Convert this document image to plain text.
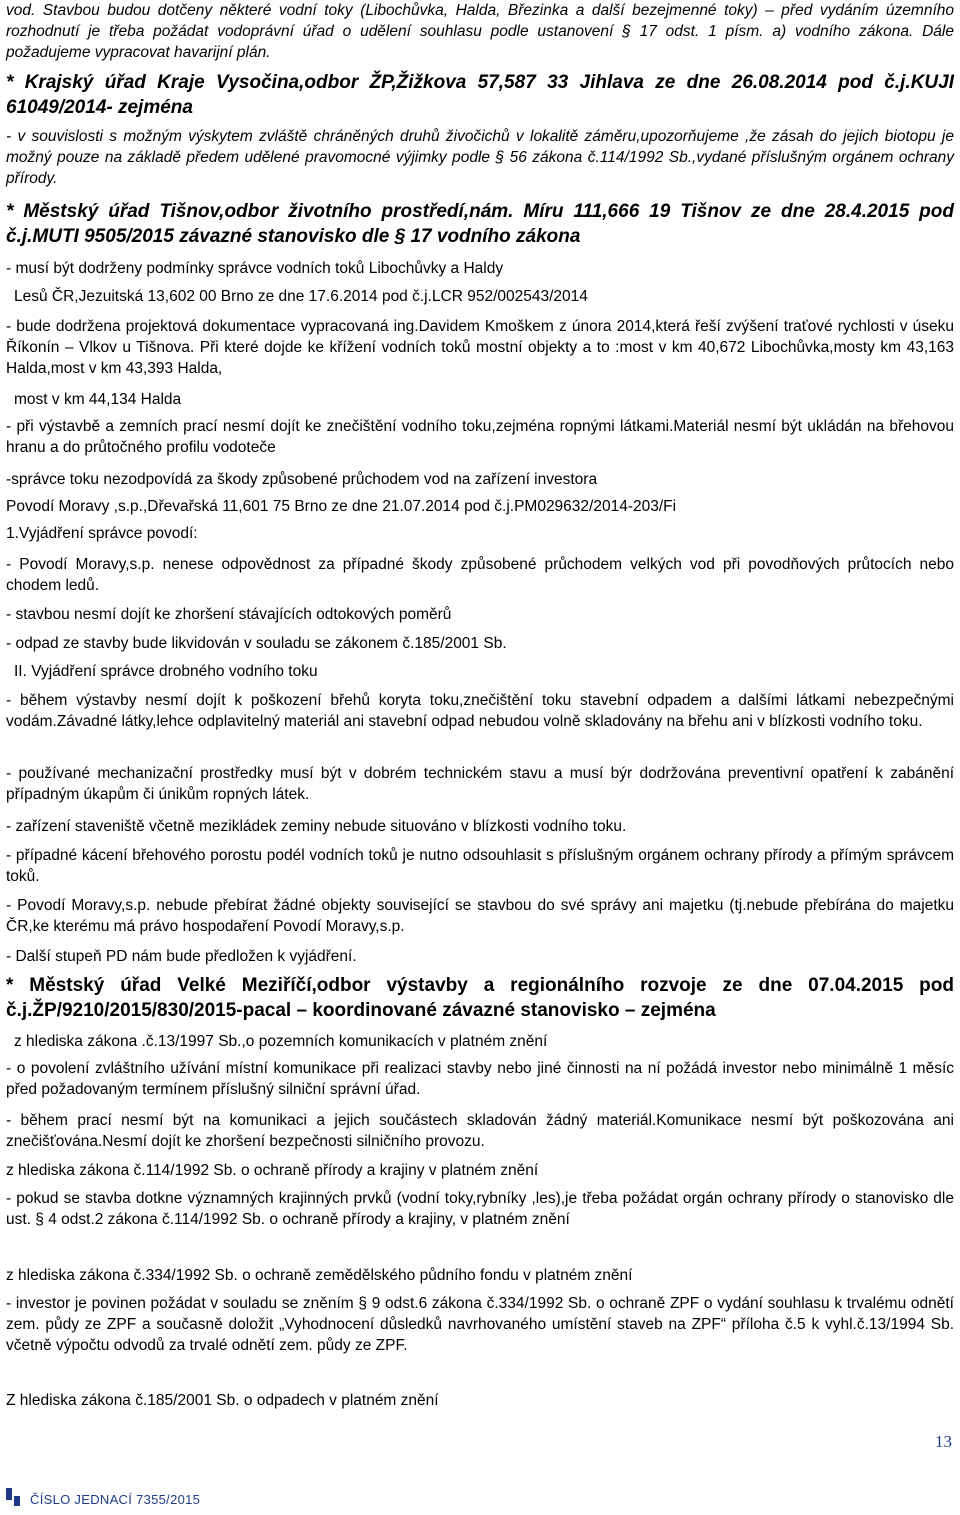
vod. Stavbou budou dotčeny některé vodní toky (Libochůvka, Halda, Březinka a další bezejmenné toky) – před vydáním územního rozhodnutí je třeba požádat vodoprávní úřad o udělení souhlasu podle ustanovení § 17 odst. 1 písm. a) vodního zákona. Dále požadujeme vypracovat havarijní plán.
* Krajský úřad Kraje Vysočina,odbor ŽP,Žižkova 57,587 33 Jihlava ze dne 26.08.2014 pod č.j.KUJI 61049/2014- zejména
- v souvislosti s možným výskytem zvláště chráněných druhů živočichů v lokalitě záměru,upozorňujeme ,že zásah do jejich biotopu je možný pouze na základě předem udělené pravomocné výjimky podle § 56 zákona č.114/1992 Sb.,vydané příslušným orgánem ochrany přírody.
* Městský úřad Tišnov,odbor životního prostředí,nám. Míru 111,666 19 Tišnov ze dne 28.4.2015 pod č.j.MUTI 9505/2015 závazné stanovisko dle § 17 vodního zákona
- musí být dodrženy podmínky správce vodních toků Libochůvky a Haldy
Lesů ČR,Jezuitská 13,602 00 Brno ze dne 17.6.2014 pod č.j.LCR 952/002543/2014
- bude dodržena projektová dokumentace vypracovaná ing.Davidem Kmoškem z února 2014,která řeší zvýšení traťové rychlosti v úseku Říkonín – Vlkov u Tišnova. Při které dojde ke křížení vodních toků mostní objekty a to :most v km 40,672 Libochůvka,mosty km 43,163 Halda,most v km 43,393 Halda,
most v km 44,134 Halda
- při výstavbě a zemních prací nesmí dojít ke znečištění vodního toku,zejména ropnými látkami.Materiál nesmí být ukládán na břehovou hranu a do průtočného profilu vodoteče
-správce toku nezodpovídá za škody způsobené průchodem vod na zařízení investora
Povodí Moravy ,s.p.,Dřevařská 11,601 75 Brno ze dne 21.07.2014 pod č.j.PM029632/2014-203/Fi
1.Vyjádření správce povodí:
- Povodí Moravy,s.p. nenese odpovědnost za případné škody způsobené průchodem velkých vod při povodňových průtocích nebo chodem ledů.
- stavbou nesmí dojít ke zhoršení stávajících odtokových poměrů
- odpad ze stavby bude likvidován v souladu se zákonem č.185/2001 Sb.
II. Vyjádření správce drobného vodního toku
- během výstavby nesmí dojít k poškození břehů koryta toku,znečištění toku stavební odpadem a dalšími látkami nebezpečnými vodám.Závadné látky,lehce odplavitelný materiál ani stavební odpad nebudou volně skladovány na břehu ani v blízkosti vodního toku.
- používané mechanizační prostředky musí být v dobrém technickém stavu a musí býr dodržována preventivní opatření k zabánění případným úkapům či únikům ropných látek.
- zařízení staveniště včetně mezikládek zeminy nebude situováno v blízkosti vodního toku.
- případné kácení břehového porostu podél vodních toků je nutno odsouhlasit s příslušným orgánem ochrany přírody a přímým správcem toků.
- Povodí Moravy,s.p. nebude přebírat žádné objekty související se stavbou do své správy ani majetku (tj.nebude přebírána do majetku ČR,ke kterému má právo hospodaření Povodí Moravy,s.p.
- Další stupeň PD nám bude předložen k vyjádření.
* Městský úřad Velké Meziříčí,odbor výstavby a regionálního rozvoje ze dne 07.04.2015 pod č.j.ŽP/9210/2015/830/2015-pacal – koordinované závazné stanovisko – zejména
z hlediska zákona .č.13/1997 Sb.,o pozemních komunikacích v platném znění
- o povolení zvláštního užívání místní komunikace při realizaci stavby nebo jiné činnosti na ní požádá investor nebo minimálně 1 měsíc před požadovaným termínem příslušný silniční správní úřad.
- během prací nesmí být na komunikaci a jejich součástech skladován žádný materiál.Komunikace nesmí být poškozována ani znečišťována.Nesmí dojít ke zhoršení bezpečnosti silničního provozu.
z hlediska zákona č.114/1992 Sb. o ochraně přírody a krajiny v platném znění
- pokud se stavba dotkne významných krajinných prvků (vodní toky,rybníky ,les),je třeba požádat orgán ochrany přírody o stanovisko dle ust. § 4 odst.2 zákona č.114/1992 Sb. o ochraně přírody a krajiny, v platném znění
z hlediska zákona č.334/1992 Sb. o ochraně zemědělského půdního fondu v platném znění
- investor je povinen požádat v souladu se zněním § 9 odst.6 zákona č.334/1992 Sb. o ochraně ZPF o vydání souhlasu k trvalému odnětí zem. půdy ze ZPF a současně doložit „Vyhodnocení důsledků navrhovaného umístění staveb na ZPF“ příloha č.5 k vyhl.č.13/1994 Sb. včetně výpočtu odvodů za trvalé odnětí zem. půdy ze ZPF.
Z hlediska zákona č.185/2001 Sb. o odpadech v platném znění
13
ČÍSLO JEDNACÍ 7355/2015
